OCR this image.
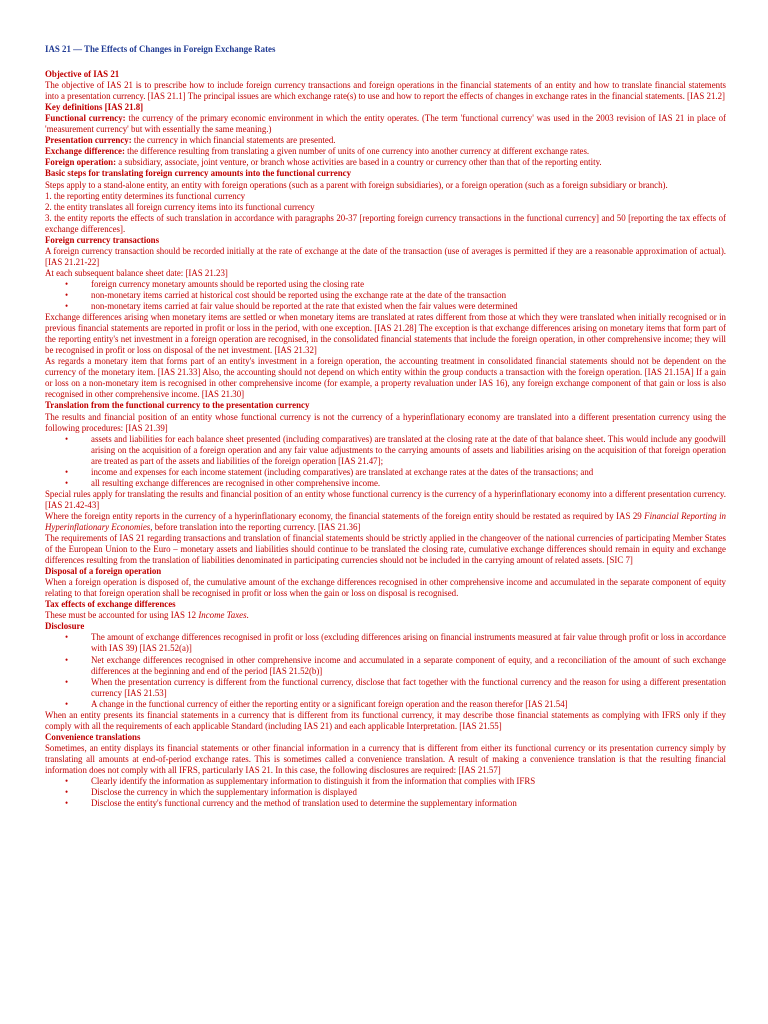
IAS 21 — The Effects of Changes in Foreign Exchange Rates

Objective of IAS 21

The objective of IAS 21 is to prescribe how to include foreign currency transactions and foreign operations in the financial statements of an entity and how to translate financial statements into a presentation currency. [IAS 21.1] The principal issues are which exchange rate(s) to use and how to report the effects of changes in exchange rates in the financial statements. [IAS 21.2]

Key definitions [IAS 21.8]

Functional currency: the currency of the primary economic environment in which the entity operates. (The term 'functional currency' was used in the 2003 revision of IAS 21 in place of 'measurement currency' but with essentially the same meaning.)

Presentation currency: the currency in which financial statements are presented.

Exchange difference: the difference resulting from translating a given number of units of one currency into another currency at different exchange rates.

Foreign operation: a subsidiary, associate, joint venture, or branch whose activities are based in a country or currency other than that of the reporting entity.

Basic steps for translating foreign currency amounts into the functional currency

Steps apply to a stand-alone entity, an entity with foreign operations (such as a parent with foreign subsidiaries), or a foreign operation (such as a foreign subsidiary or branch).

1. the reporting entity determines its functional currency

2. the entity translates all foreign currency items into its functional currency

3. the entity reports the effects of such translation in accordance with paragraphs 20-37 [reporting foreign currency transactions in the functional currency] and 50 [reporting the tax effects of exchange differences].

Foreign currency transactions

A foreign currency transaction should be recorded initially at the rate of exchange at the date of the transaction (use of averages is permitted if they are a reasonable approximation of actual). [IAS 21.21-22]

At each subsequent balance sheet date: [IAS 21.23]

• foreign currency monetary amounts should be reported using the closing rate
• non-monetary items carried at historical cost should be reported using the exchange rate at the date of the transaction
• non-monetary items carried at fair value should be reported at the rate that existed when the fair values were determined

Exchange differences arising when monetary items are settled or when monetary items are translated at rates different from those at which they were translated when initially recognised or in previous financial statements are reported in profit or loss in the period, with one exception. [IAS 21.28] The exception is that exchange differences arising on monetary items that form part of the reporting entity's net investment in a foreign operation are recognised, in the consolidated financial statements that include the foreign operation, in other comprehensive income; they will be recognised in profit or loss on disposal of the net investment. [IAS 21.32]

As regards a monetary item that forms part of an entity's investment in a foreign operation, the accounting treatment in consolidated financial statements should not be dependent on the currency of the monetary item. [IAS 21.33] Also, the accounting should not depend on which entity within the group conducts a transaction with the foreign operation. [IAS 21.15A] If a gain or loss on a non-monetary item is recognised in other comprehensive income (for example, a property revaluation under IAS 16), any foreign exchange component of that gain or loss is also recognised in other comprehensive income. [IAS 21.30]

Translation from the functional currency to the presentation currency

The results and financial position of an entity whose functional currency is not the currency of a hyperinflationary economy are translated into a different presentation currency using the following procedures: [IAS 21.39]

• assets and liabilities for each balance sheet presented (including comparatives) are translated at the closing rate at the date of that balance sheet. This would include any goodwill arising on the acquisition of a foreign operation and any fair value adjustments to the carrying amounts of assets and liabilities arising on the acquisition of that foreign operation are treated as part of the assets and liabilities of the foreign operation [IAS 21.47];
• income and expenses for each income statement (including comparatives) are translated at exchange rates at the dates of the transactions; and
• all resulting exchange differences are recognised in other comprehensive income.

Special rules apply for translating the results and financial position of an entity whose functional currency is the currency of a hyperinflationary economy into a different presentation currency. [IAS 21.42-43]

Where the foreign entity reports in the currency of a hyperinflationary economy, the financial statements of the foreign entity should be restated as required by IAS 29 Financial Reporting in Hyperinflationary Economies, before translation into the reporting currency. [IAS 21.36]

The requirements of IAS 21 regarding transactions and translation of financial statements should be strictly applied in the changeover of the national currencies of participating Member States of the European Union to the Euro – monetary assets and liabilities should continue to be translated the closing rate, cumulative exchange differences should remain in equity and exchange differences resulting from the translation of liabilities denominated in participating currencies should not be included in the carrying amount of related assets. [SIC 7]

Disposal of a foreign operation

When a foreign operation is disposed of, the cumulative amount of the exchange differences recognised in other comprehensive income and accumulated in the separate component of equity relating to that foreign operation shall be recognised in profit or loss when the gain or loss on disposal is recognised.

Tax effects of exchange differences

These must be accounted for using IAS 12 Income Taxes.

Disclosure

• The amount of exchange differences recognised in profit or loss (excluding differences arising on financial instruments measured at fair value through profit or loss in accordance with IAS 39) [IAS 21.52(a)]
• Net exchange differences recognised in other comprehensive income and accumulated in a separate component of equity, and a reconciliation of the amount of such exchange differences at the beginning and end of the period [IAS 21.52(b)]
• When the presentation currency is different from the functional currency, disclose that fact together with the functional currency and the reason for using a different presentation currency [IAS 21.53]
• A change in the functional currency of either the reporting entity or a significant foreign operation and the reason therefor [IAS 21.54]

When an entity presents its financial statements in a currency that is different from its functional currency, it may describe those financial statements as complying with IFRS only if they comply with all the requirements of each applicable Standard (including IAS 21) and each applicable Interpretation. [IAS 21.55]

Convenience translations

Sometimes, an entity displays its financial statements or other financial information in a currency that is different from either its functional currency or its presentation currency simply by translating all amounts at end-of-period exchange rates. This is sometimes called a convenience translation. A result of making a convenience translation is that the resulting financial information does not comply with all IFRS, particularly IAS 21. In this case, the following disclosures are required: [IAS 21.57]

• Clearly identify the information as supplementary information to distinguish it from the information that complies with IFRS
• Disclose the currency in which the supplementary information is displayed
• Disclose the entity's functional currency and the method of translation used to determine the supplementary information
